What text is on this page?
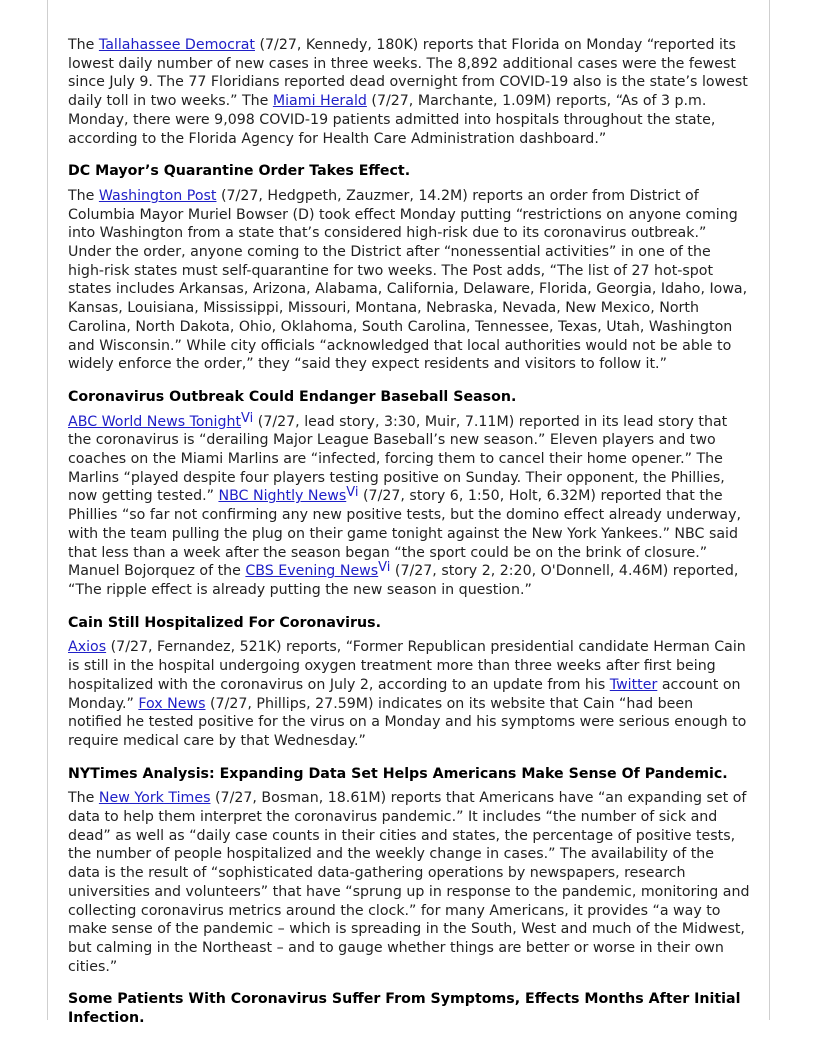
The Tallahassee Democrat (7/27, Kennedy, 180K) reports that Florida on Monday “reported its lowest daily number of new cases in three weeks. The 8,892 additional cases were the fewest since July 9. The 77 Floridians reported dead overnight from COVID-19 also is the state’s lowest daily toll in two weeks.” The Miami Herald (7/27, Marchante, 1.09M) reports, “As of 3 p.m. Monday, there were 9,098 COVID-19 patients admitted into hospitals throughout the state, according to the Florida Agency for Health Care Administration dashboard.”

DC Mayor’s Quarantine Order Takes Effect.

The Washington Post (7/27, Hedgpeth, Zauzmer, 14.2M) reports an order from District of Columbia Mayor Muriel Bowser (D) took effect Monday putting “restrictions on anyone coming into Washington from a state that’s considered high-risk due to its coronavirus outbreak.” Under the order, anyone coming to the District after “nonessential activities” in one of the high-risk states must self-quarantine for two weeks. The Post adds, “The list of 27 hot-spot states includes Arkansas, Arizona, Alabama, California, Delaware, Florida, Georgia, Idaho, Iowa, Kansas, Louisiana, Mississippi, Missouri, Montana, Nebraska, Nevada, New Mexico, North Carolina, North Dakota, Ohio, Oklahoma, South Carolina, Tennessee, Texas, Utah, Washington and Wisconsin.” While city officials “acknowledged that local authorities would not be able to widely enforce the order,” they “said they expect residents and visitors to follow it.”

Coronavirus Outbreak Could Endanger Baseball Season.

ABC World News Tonight$^{Vi}$ (7/27, lead story, 3:30, Muir, 7.11M) reported in its lead story that the coronavirus is “derailing Major League Baseball’s new season.” Eleven players and two coaches on the Miami Marlins are “infected, forcing them to cancel their home opener.” The Marlins “played despite four players testing positive on Sunday. Their opponent, the Phillies, now getting tested.” NBC Nightly News$^{Vi}$ (7/27, story 6, 1:50, Holt, 6.32M) reported that the Phillies “so far not confirming any new positive tests, but the domino effect already underway, with the team pulling the plug on their game tonight against the New York Yankees.” NBC said that less than a week after the season began “the sport could be on the brink of closure.” Manuel Bojorquez of the CBS Evening News$^{Vi}$ (7/27, story 2, 2:20, O'Donnell, 4.46M) reported, “The ripple effect is already putting the new season in question.”

Cain Still Hospitalized For Coronavirus.

Axios (7/27, Fernandez, 521K) reports, “Former Republican presidential candidate Herman Cain is still in the hospital undergoing oxygen treatment more than three weeks after first being hospitalized with the coronavirus on July 2, according to an update from his Twitter account on Monday.” Fox News (7/27, Phillips, 27.59M) indicates on its website that Cain “had been notified he tested positive for the virus on a Monday and his symptoms were serious enough to require medical care by that Wednesday.”

NYTimes Analysis: Expanding Data Set Helps Americans Make Sense Of Pandemic.

The New York Times (7/27, Bosman, 18.61M) reports that Americans have “an expanding set of data to help them interpret the coronavirus pandemic.” It includes “the number of sick and dead” as well as “daily case counts in their cities and states, the percentage of positive tests, the number of people hospitalized and the weekly change in cases.” The availability of the data is the result of “sophisticated data-gathering operations by newspapers, research universities and volunteers” that have “sprung up in response to the pandemic, monitoring and collecting coronavirus metrics around the clock.” for many Americans, it provides “a way to make sense of the pandemic – which is spreading in the South, West and much of the Midwest, but calming in the Northeast – and to gauge whether things are better or worse in their own cities.”

Some Patients With Coronavirus Suffer From Symptoms, Effects Months After Initial Infection.
